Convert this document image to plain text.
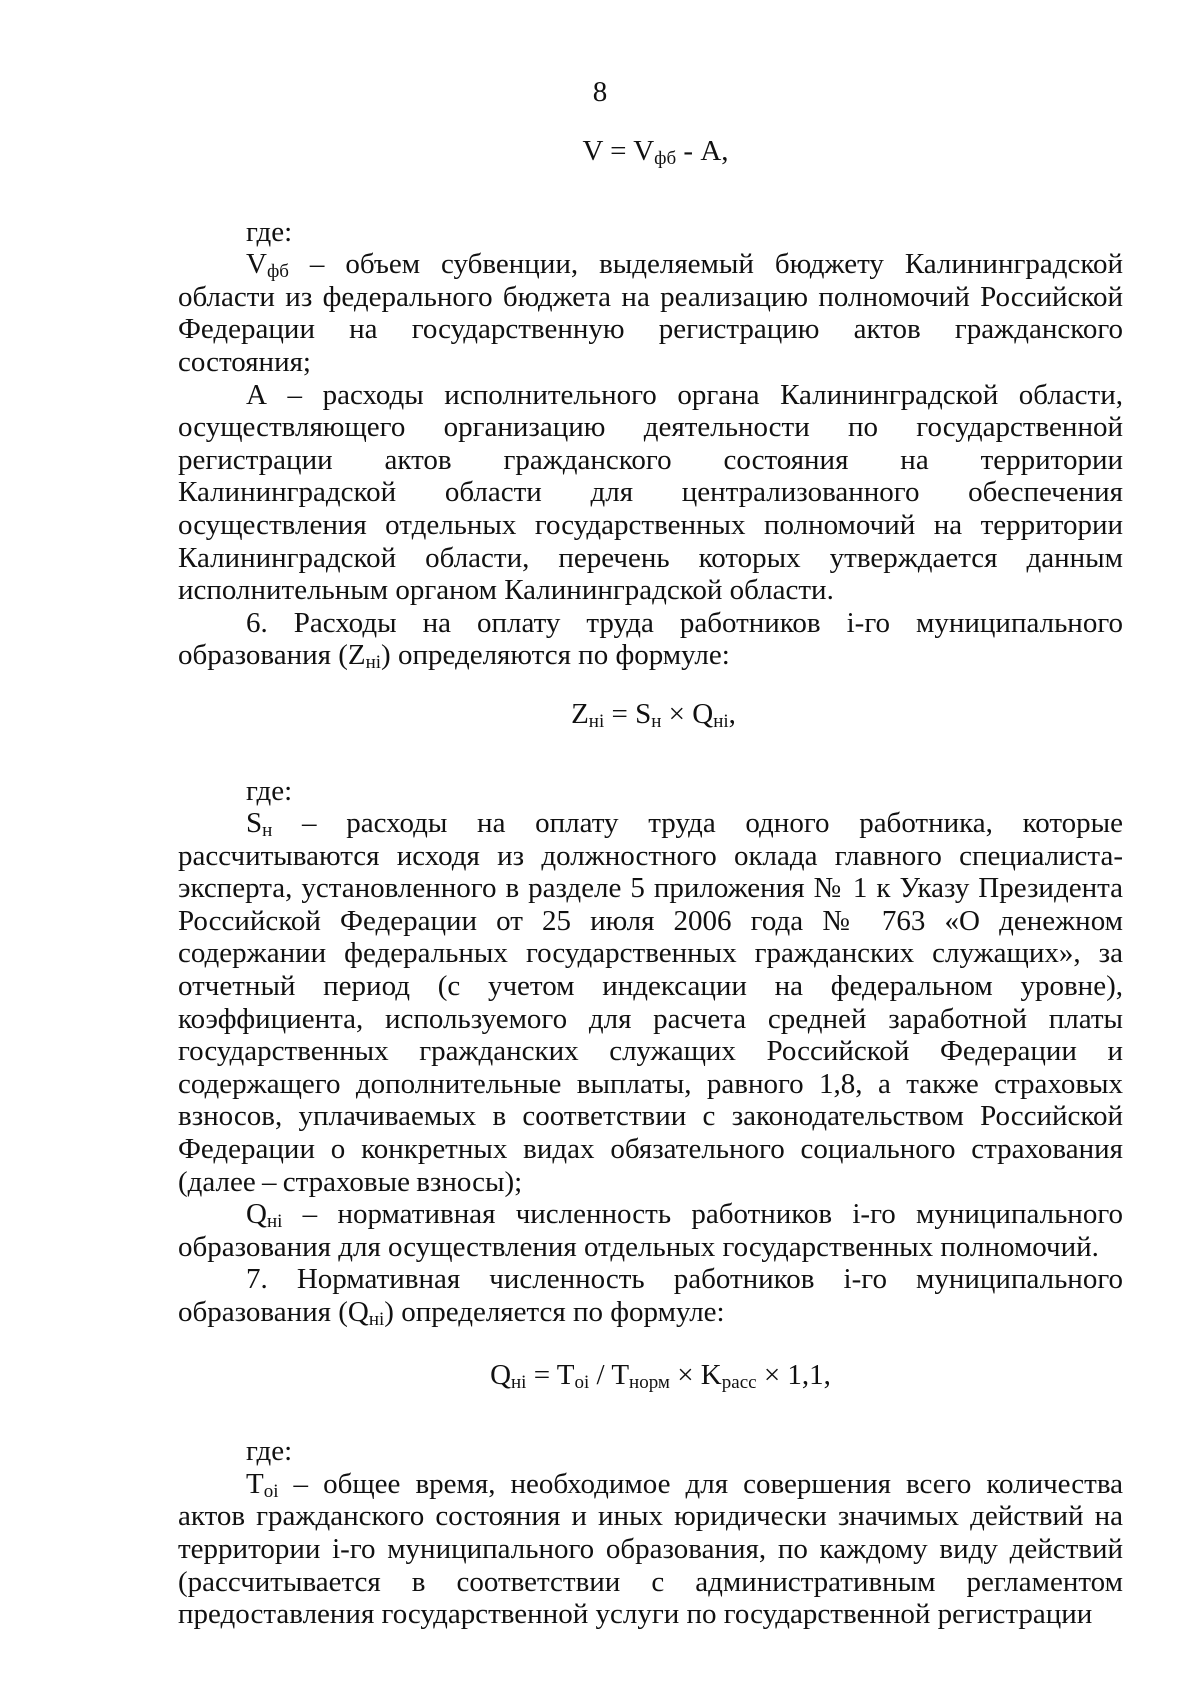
8

$V = V_{фб} - A$,

где:

$V_{фб}$ – объем субвенции, выделяемый бюджету Калининградской области из федерального бюджета на реализацию полномочий Российской Федерации на государственную регистрацию актов гражданского состояния;

А – расходы исполнительного органа Калининградской области, осуществляющего организацию деятельности по государственной регистрации актов гражданского состояния на территории Калининградской области для централизованного обеспечения осуществления отдельных государственных полномочий на территории Калининградской области, перечень которых утверждается данным исполнительным органом Калининградской области.

6. Расходы на оплату труда работников i-го муниципального образования $(Z_{нi})$ определяются по формуле:

$Z_{нi} = S_н \times Q_{нi}$,

где:

$S_н$ – расходы на оплату труда одного работника, которые рассчитываются исходя из должностного оклада главного специалиста-эксперта, установленного в разделе 5 приложения № 1 к Указу Президента Российской Федерации от 25 июля 2006 года № 763 «О денежном содержании федеральных государственных гражданских служащих», за отчетный период (с учетом индексации на федеральном уровне), коэффициента, используемого для расчета средней заработной платы государственных гражданских служащих Российской Федерации и содержащего дополнительные выплаты, равного 1,8, а также страховых взносов, уплачиваемых в соответствии с законодательством Российской Федерации о конкретных видах обязательного социального страхования (далее – страховые взносы);

$Q_{нi}$ – нормативная численность работников i-го муниципального образования для осуществления отдельных государственных полномочий.

7. Нормативная численность работников i-го муниципального образования $(Q_{нi})$ определяется по формуле:

$Q_{нi} = T_{oi} / T_{норм} \times K_{расс} \times 1,1$,

где:

$T_{oi}$ – общее время, необходимое для совершения всего количества актов гражданского состояния и иных юридически значимых действий на территории i-го муниципального образования, по каждому виду действий (рассчитывается в соответствии с административным регламентом предоставления государственной услуги по государственной регистрации
